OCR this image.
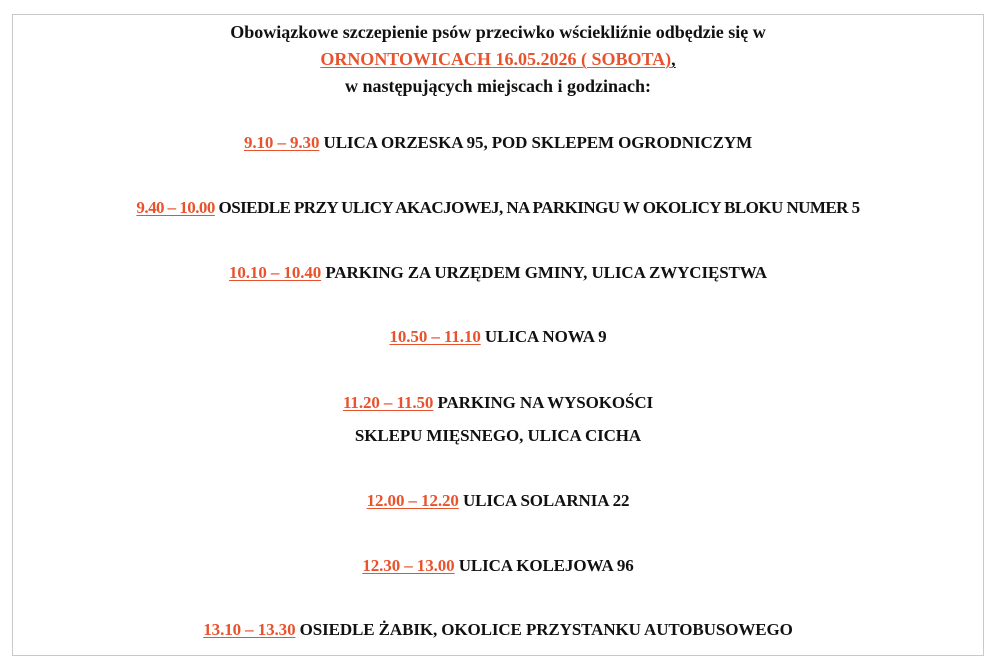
Obowiązkowe szczepienie psów przeciwko wściekliźnie odbędzie się w
ORNONTOWICACH 16.05.2026 ( SOBOTA),
w następujących miejscach i godzinach:
9.10 – 9.30 ULICA ORZESKA 95, POD SKLEPEM OGRODNICZYM
9.40 – 10.00 OSIEDLE PRZY ULICY AKACJOWEJ, NA PARKINGU W OKOLICY BLOKU NUMER 5
10.10 – 10.40 PARKING ZA URZĘDEM GMINY, ULICA ZWYCIĘSTWA
10.50 – 11.10 ULICA NOWA 9
11.20 – 11.50 PARKING NA WYSOKOŚCI
SKLEPU MIĘSNEGO, ULICA CICHA
12.00 – 12.20 ULICA SOLARNIA 22
12.30 – 13.00 ULICA KOLEJOWA 96
13.10 – 13.30 OSIEDLE ŻABIK, OKOLICE PRZYSTANKU AUTOBUSOWEGO
